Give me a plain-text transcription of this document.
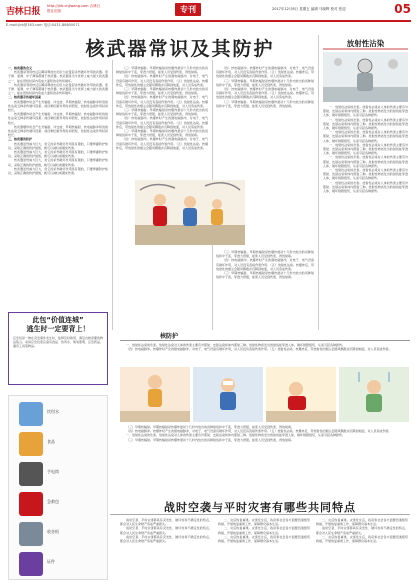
吉林日报
http://jlrb.cnjiwang.com 吉林日报社出版	专刊	2017年12月8日 星期五 编辑 马晓辉 校对 张迎	05
E-mail:jlrb@163.com 电话:0431-88600071
核武器常识及其防护

一、核武器的含义

核武器是利用核反应瞬间释放出的巨大能量起杀伤破坏作用的武器。原子弹、氢弹、中子弹等都属于核武器。核武器是当今世界上威力最大的武器之一，能在很短时间内造成大面积的杀伤和破坏。

核武器是利用核反应瞬间释放出的巨大能量起杀伤破坏作用的武器。原子弹、氢弹、中子弹等都属于核武器。核武器是当今世界上威力最大的武器之一，能在很短时间内造成大面积的杀伤和破坏。

二、核武器杀伤破坏因素

核武器爆炸时会产生光辐射、冲击波、早期核辐射、核电磁脉冲和放射性沾染五种杀伤破坏因素。前四种因素作用时间很短，放射性沾染作用时间较长。

核武器爆炸时会产生光辐射、冲击波、早期核辐射、核电磁脉冲和放射性沾染五种杀伤破坏因素。前四种因素作用时间很短，放射性沾染作用时间较长。

核武器爆炸时会产生光辐射、冲击波、早期核辐射、核电磁脉冲和放射性沾染五种杀伤破坏因素。前四种因素作用时间很短，放射性沾染作用时间较长。

三、核武器的防护

核武器虽然威力巨大，但它的杀伤破坏作用是有限的，只要掌握防护知识，采取正确的防护措施，就可以减轻或避免伤害。

核武器虽然威力巨大，但它的杀伤破坏作用是有限的，只要掌握防护知识，采取正确的防护措施，就可以减轻或避免伤害。

核武器虽然威力巨大，但它的杀伤破坏作用是有限的，只要掌握防护知识，采取正确的防护措施，就可以减轻或避免伤害。

核武器虽然威力巨大，但它的杀伤破坏作用是有限的，只要掌握防护知识，采取正确的防护措施，就可以减轻或避免伤害。

此包“价值连城”
逃生时一定要背上！
应急包是一种在突发事件发生时，能够及时取用、满足自救需要的物品集合。家庭应急包里应备有食品、饮用水、简易照明、应急药品、通讯工具等物品。

（三）早期核辐射。早期核辐射是核爆炸最初十几秒内放出的丙种射线和中子流，穿透力很强，能使人员受到伤害，得放射病。

（四）核电磁脉冲。核爆炸时产生的强电磁脉冲，对电子、电气设备有破坏作用，对人员没有直接伤害作用。（五）放射性沾染。核爆炸后，带放射性的烟尘会随风飘散并沉降到地面，对人员造成伤害。

（三）早期核辐射。早期核辐射是核爆炸最初十几秒内放出的丙种射线和中子流，穿透力很强，能使人员受到伤害，得放射病。

（四）核电磁脉冲。核爆炸时产生的强电磁脉冲，对电子、电气设备有破坏作用，对人员没有直接伤害作用。（五）放射性沾染。核爆炸后，带放射性的烟尘会随风飘散并沉降到地面，对人员造成伤害。

（三）早期核辐射。早期核辐射是核爆炸最初十几秒内放出的丙种射线和中子流，穿透力很强，能使人员受到伤害，得放射病。

（四）核电磁脉冲。核爆炸时产生的强电磁脉冲，对电子、电气设备有破坏作用，对人员没有直接伤害作用。（五）放射性沾染。核爆炸后，带放射性的烟尘会随风飘散并沉降到地面，对人员造成伤害。

（三）早期核辐射。早期核辐射是核爆炸最初十几秒内放出的丙种射线和中子流，穿透力很强，能使人员受到伤害，得放射病。

（四）核电磁脉冲。核爆炸时产生的强电磁脉冲，对电子、电气设备有破坏作用，对人员没有直接伤害作用。（五）放射性沾染。核爆炸后，带放射性的烟尘会随风飘散并沉降到地面，对人员造成伤害。

（四）核电磁脉冲。核爆炸时产生的强电磁脉冲，对电子、电气设备有破坏作用，对人员没有直接伤害作用。（五）放射性沾染。核爆炸后，带放射性的烟尘会随风飘散并沉降到地面，对人员造成伤害。

（三）早期核辐射。早期核辐射是核爆炸最初十几秒内放出的丙种射线和中子流，穿透力很强，能使人员受到伤害，得放射病。

（四）核电磁脉冲。核爆炸时产生的强电磁脉冲，对电子、电气设备有破坏作用，对人员没有直接伤害作用。（五）放射性沾染。核爆炸后，带放射性的烟尘会随风飘散并沉降到地面，对人员造成伤害。

（三）早期核辐射。早期核辐射是核爆炸最初十几秒内放出的丙种射线和中子流，穿透力很强，能使人员受到伤害，得放射病。

（三）早期核辐射。早期核辐射是核爆炸最初十几秒内放出的丙种射线和中子流，穿透力很强，能使人员受到伤害，得放射病。

（四）核电磁脉冲。核爆炸时产生的强电磁脉冲，对电子、电气设备有破坏作用，对人员没有直接伤害作用。（五）放射性沾染。核爆炸后，带放射性的烟尘会随风飘散并沉降到地面，对人员造成伤害。

（三）早期核辐射。早期核辐射是核爆炸最初十几秒内放出的丙种射线和中子流，穿透力很强，能使人员受到伤害，得放射病。

放射性沾染

一、放射性沾染的危害。放射性沾染对人体的伤害主要有外照射、皮肤沾染和体内照射三种。放射性物质发出的射线能穿透人体，破坏细胞组织，从而引起各种损伤。

一、放射性沾染的危害。放射性沾染对人体的伤害主要有外照射、皮肤沾染和体内照射三种。放射性物质发出的射线能穿透人体，破坏细胞组织，从而引起各种损伤。

一、放射性沾染的危害。放射性沾染对人体的伤害主要有外照射、皮肤沾染和体内照射三种。放射性物质发出的射线能穿透人体，破坏细胞组织，从而引起各种损伤。

一、放射性沾染的危害。放射性沾染对人体的伤害主要有外照射、皮肤沾染和体内照射三种。放射性物质发出的射线能穿透人体，破坏细胞组织，从而引起各种损伤。

一、放射性沾染的危害。放射性沾染对人体的伤害主要有外照射、皮肤沾染和体内照射三种。放射性物质发出的射线能穿透人体，破坏细胞组织，从而引起各种损伤。

一、放射性沾染的危害。放射性沾染对人体的伤害主要有外照射、皮肤沾染和体内照射三种。放射性物质发出的射线能穿透人体，破坏细胞组织，从而引起各种损伤。

一、放射性沾染的危害。放射性沾染对人体的伤害主要有外照射、皮肤沾染和体内照射三种。放射性物质发出的射线能穿透人体，破坏细胞组织，从而引起各种损伤。

核防护

一、放射性沾染的危害。放射性沾染对人体的伤害主要有外照射、皮肤沾染和体内照射三种。放射性物质发出的射线能穿透人体，破坏细胞组织，从而引起各种损伤。

（四）核电磁脉冲。核爆炸时产生的强电磁脉冲，对电子、电气设备有破坏作用，对人员没有直接伤害作用。（五）放射性沾染。核爆炸后，带放射性的烟尘会随风飘散并沉降到地面，对人员造成伤害。

（三）早期核辐射。早期核辐射是核爆炸最初十几秒内放出的丙种射线和中子流，穿透力很强，能使人员受到伤害，得放射病。

（四）核电磁脉冲。核爆炸时产生的强电磁脉冲，对电子、电气设备有破坏作用，对人员没有直接伤害作用。（五）放射性沾染。核爆炸后，带放射性的烟尘会随风飘散并沉降到地面，对人员造成伤害。

一、放射性沾染的危害。放射性沾染对人体的伤害主要有外照射、皮肤沾染和体内照射三种。放射性物质发出的射线能穿透人体，破坏细胞组织，从而引起各种损伤。

（三）早期核辐射。早期核辐射是核爆炸最初十几秒内放出的丙种射线和中子流，穿透力很强，能使人员受到伤害，得放射病。

战时空袭与平时灾害有哪些共同特点

战时空袭、平时灾害都具有突发性、破坏性和不确定性的特点，都会对人民生命财产造成严重损失。

战时空袭、平时灾害都具有突发性、破坏性和不确定性的特点，都会对人民生命财产造成严重损失。

战时空袭、平时灾害都具有突发性、破坏性和不确定性的特点，都会对人民生命财产造成严重损失。

二、灾后恢复重建。灾害发生后，政府和社会各方面要迅速组织救援，开展恢复重建工作，保障群众基本生活。

二、灾后恢复重建。灾害发生后，政府和社会各方面要迅速组织救援，开展恢复重建工作，保障群众基本生活。

二、灾后恢复重建。灾害发生后，政府和社会各方面要迅速组织救援，开展恢复重建工作，保障群众基本生活。

二、灾后恢复重建。灾害发生后，政府和社会各方面要迅速组织救援，开展恢复重建工作，保障群众基本生活。

战时空袭、平时灾害都具有突发性、破坏性和不确定性的特点，都会对人民生命财产造成严重损失。

二、灾后恢复重建。灾害发生后，政府和社会各方面要迅速组织救援，开展恢复重建工作，保障群众基本生活。

饮用水
食品
手电筒
急救包
收音机
证件
